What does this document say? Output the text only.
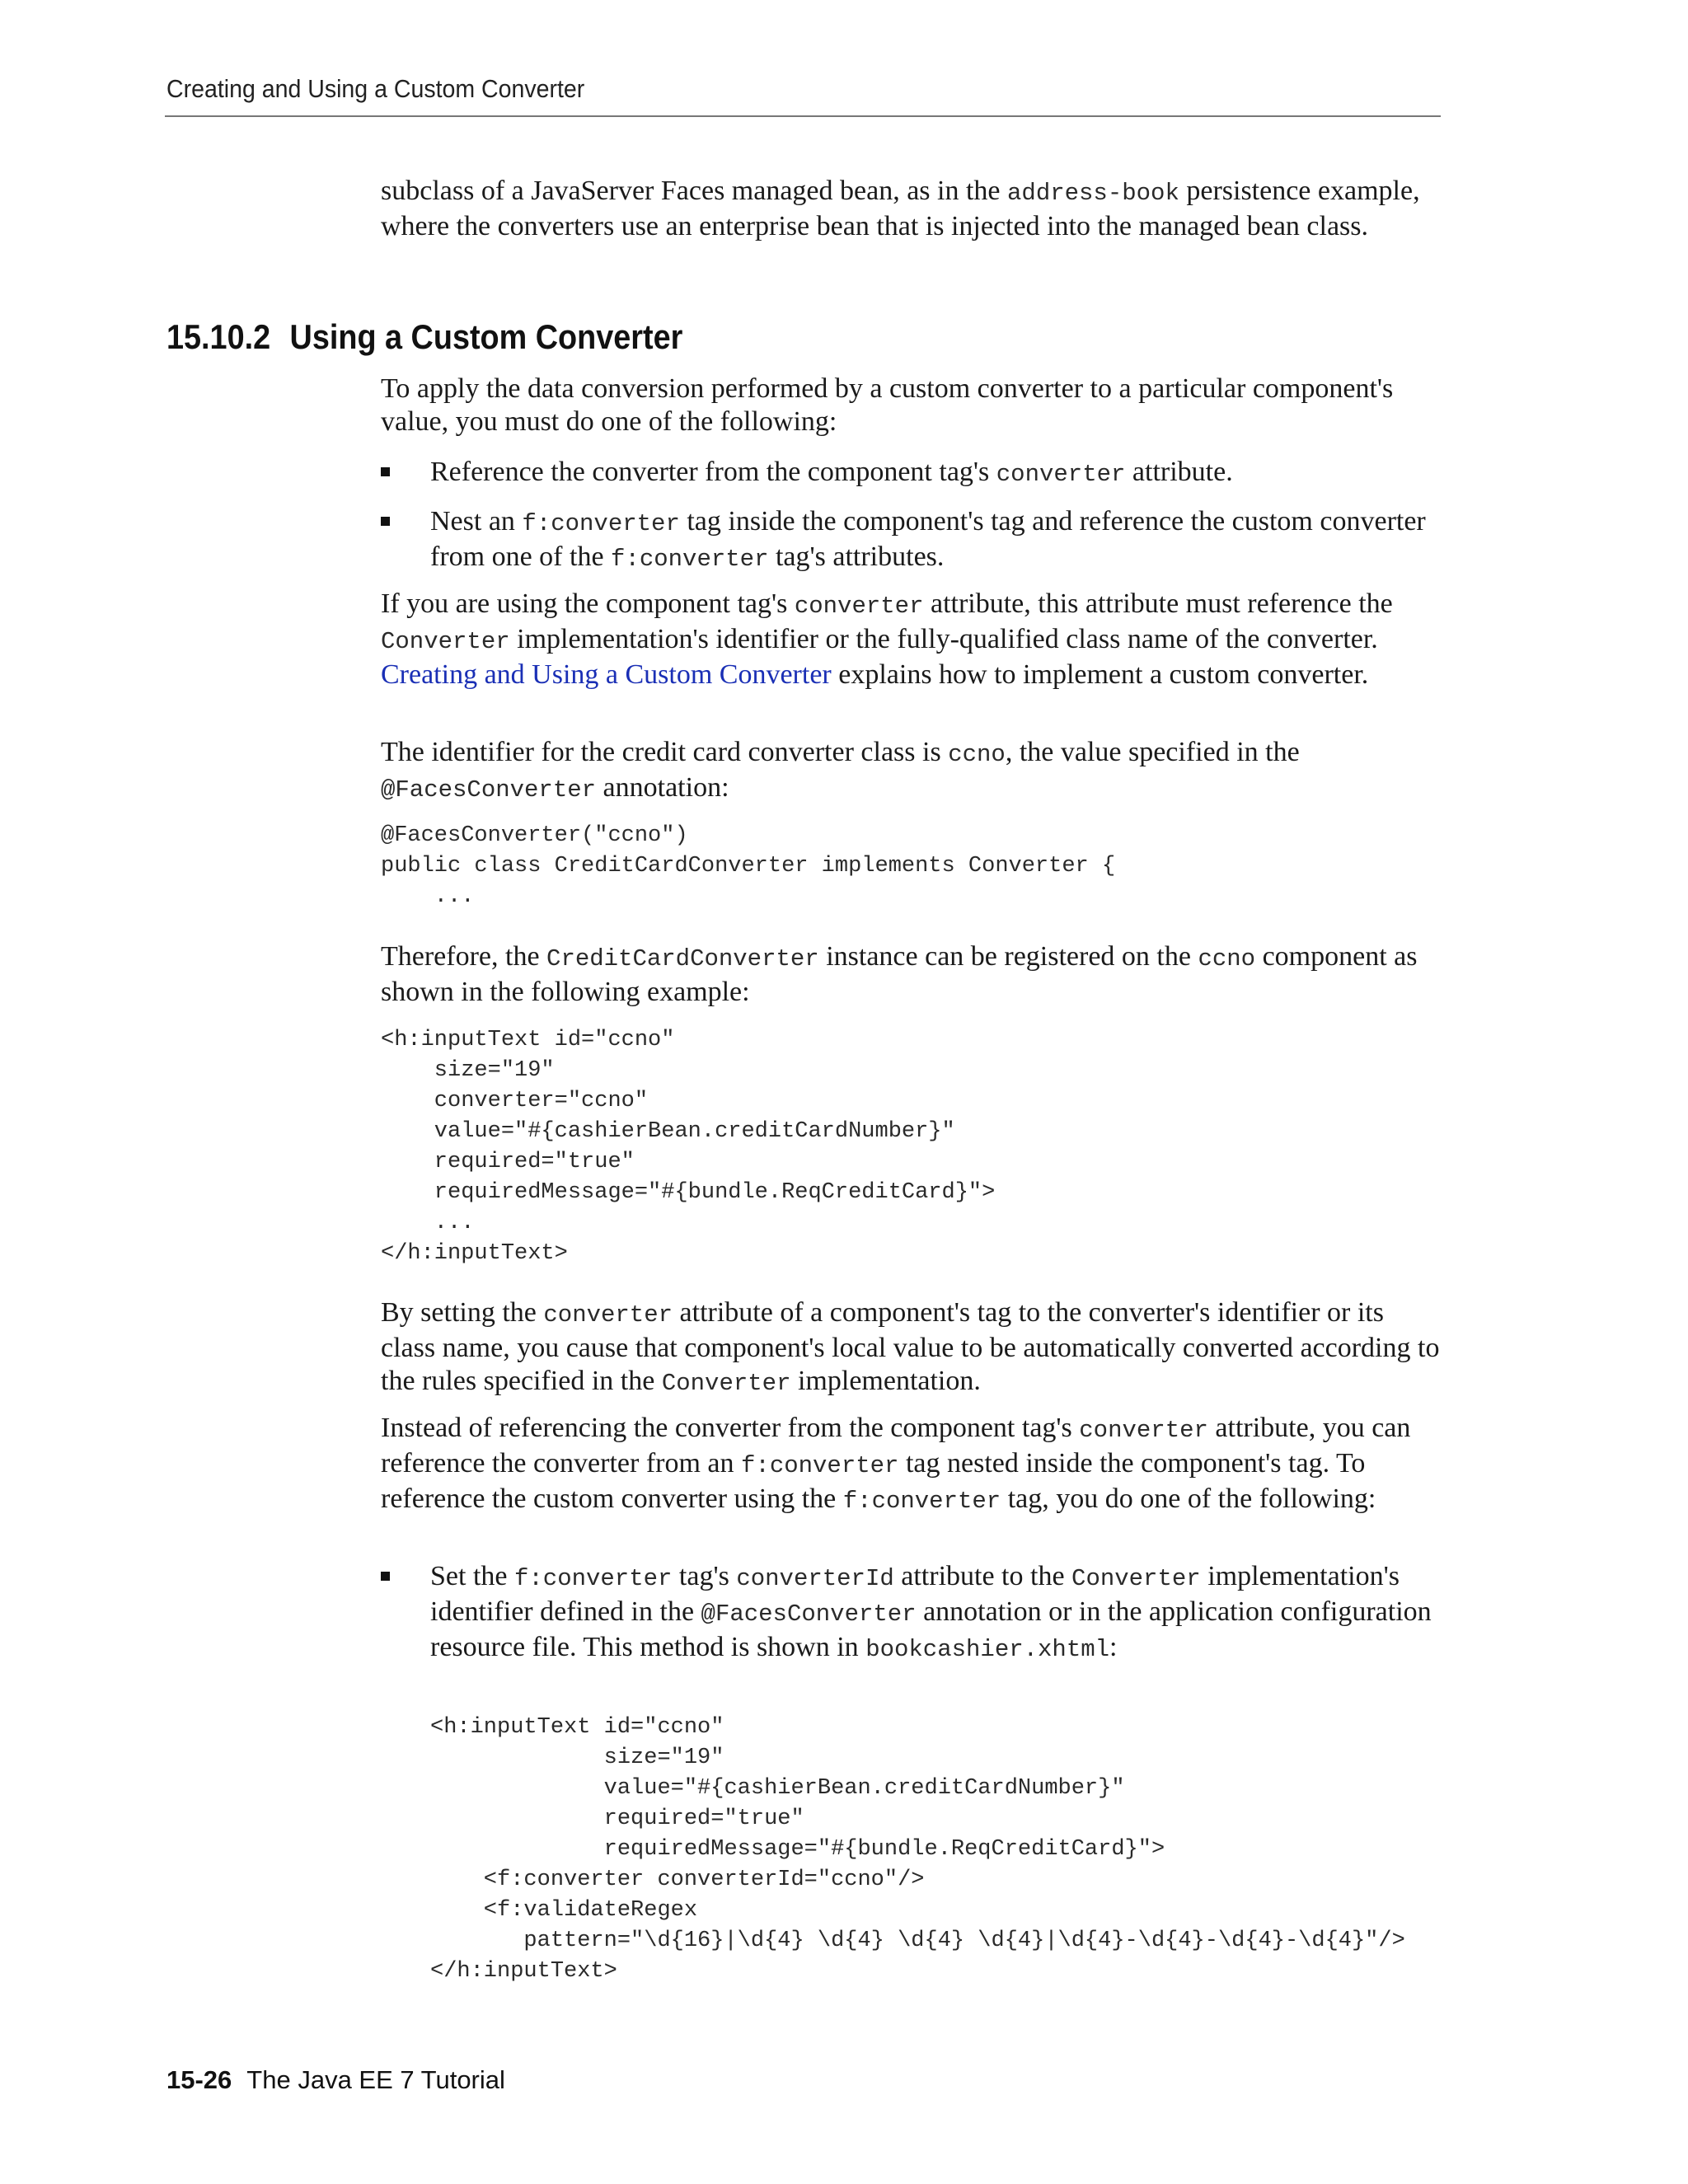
Creating and Using a Custom Converter

subclass of a JavaServer Faces managed bean, as in the address-book persistence example, where the converters use an enterprise bean that is injected into the managed bean class.

15.10.2 Using a Custom Converter

To apply the data conversion performed by a custom converter to a particular component's value, you must do one of the following:

Reference the converter from the component tag's converter attribute.
Nest an f:converter tag inside the component's tag and reference the custom converter from one of the f:converter tag's attributes.

If you are using the component tag's converter attribute, this attribute must reference the Converter implementation's identifier or the fully-qualified class name of the converter. Creating and Using a Custom Converter explains how to implement a custom converter.

The identifier for the credit card converter class is ccno, the value specified in the @FacesConverter annotation:

@FacesConverter("ccno")
public class CreditCardConverter implements Converter {
...

Therefore, the CreditCardConverter instance can be registered on the ccno component as shown in the following example:

<h:inputText id="ccno"
size="19"
converter="ccno"
value="#{cashierBean.creditCardNumber}"
required="true"
requiredMessage="#{bundle.ReqCreditCard}">
...
</h:inputText>

By setting the converter attribute of a component's tag to the converter's identifier or its class name, you cause that component's local value to be automatically converted according to the rules specified in the Converter implementation.

Instead of referencing the converter from the component tag's converter attribute, you can reference the converter from an f:converter tag nested inside the component's tag. To reference the custom converter using the f:converter tag, you do one of the following:

Set the f:converter tag's converterId attribute to the Converter implementation's identifier defined in the @FacesConverter annotation or in the application configuration resource file. This method is shown in bookcashier.xhtml:
<h:inputText id="ccno"
size="19"
value="#{cashierBean.creditCardNumber}"
required="true"
requiredMessage="#{bundle.ReqCreditCard}">
<f:converter converterId="ccno"/>
<f:validateRegex
pattern="\d{16}|\d{4} \d{4} \d{4} \d{4}|\d{4}-\d{4}-\d{4}-\d{4}"/>
</h:inputText>
15-26 The Java EE 7 Tutorial
